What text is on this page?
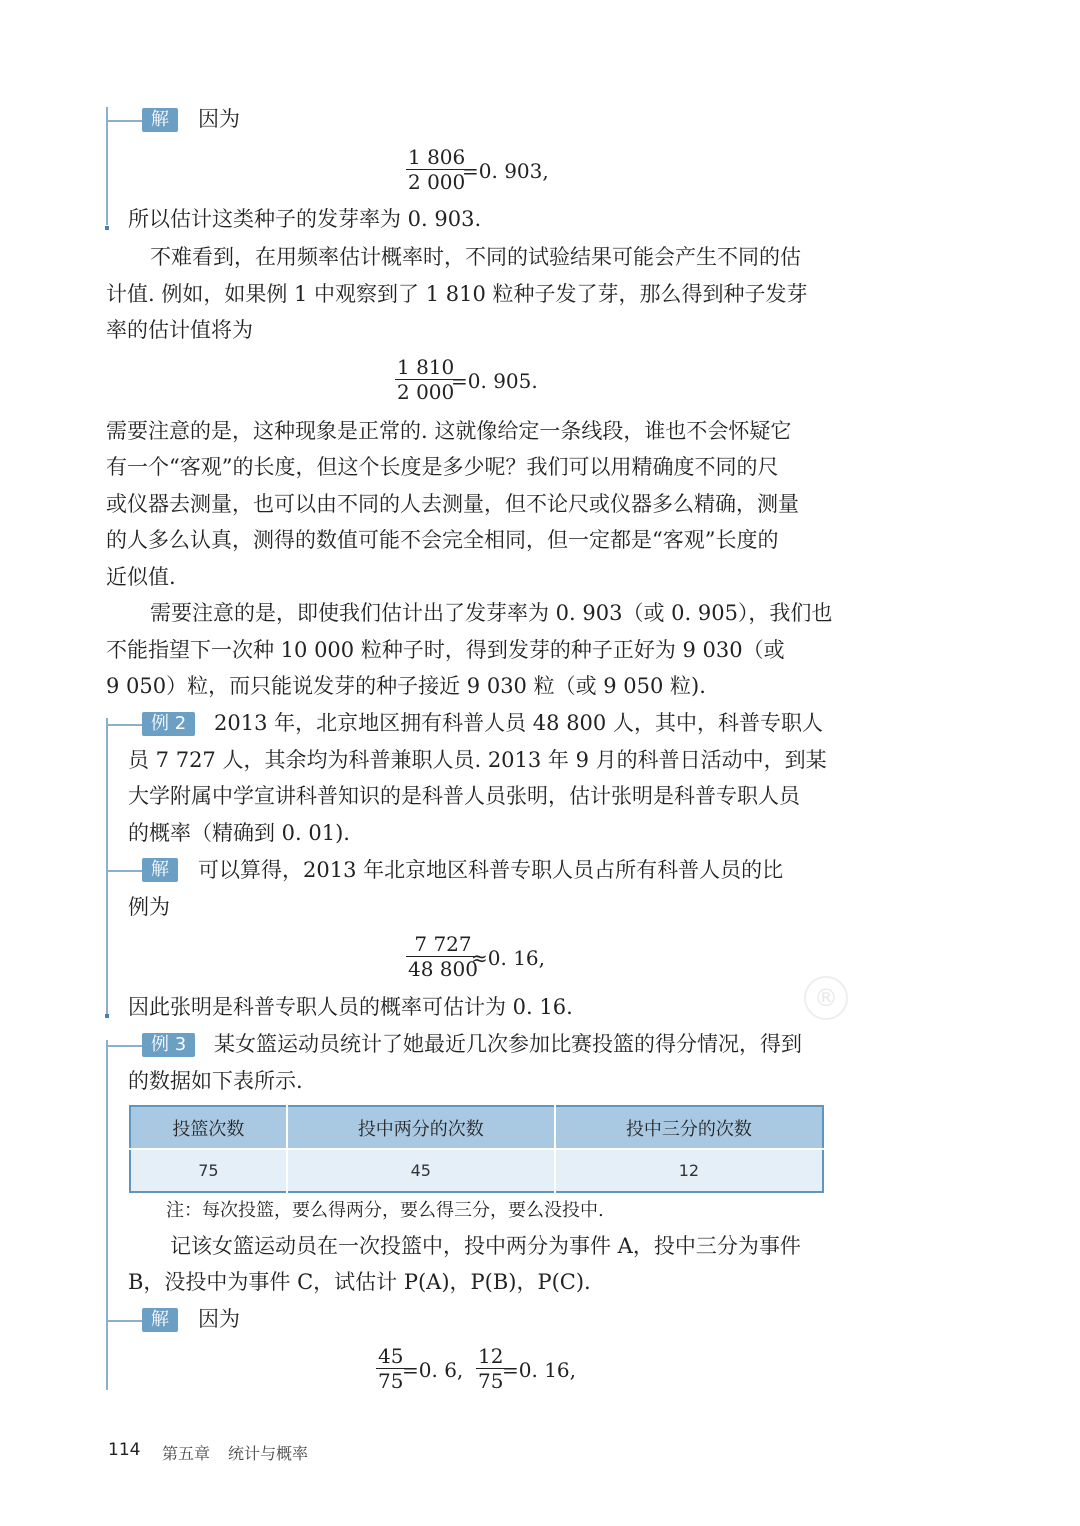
®
解	因为
$\frac{1 806}{2 000}$
=0. 903,
所以估计这类种子的发芽率为 0. 903.
不难看到，在用频率估计概率时，不同的试验结果可能会产生不同的估
计值. 例如，如果例 1 中观察到了 1 810 粒种子发了芽，那么得到种子发芽
率的估计值将为
$\frac{1 810}{2 000}$
=0. 905.
需要注意的是，这种现象是正常的. 这就像给定一条线段，谁也不会怀疑它
有一个“客观”的长度，但这个长度是多少呢？我们可以用精确度不同的尺
或仪器去测量，也可以由不同的人去测量，但不论尺或仪器多么精确，测量
的人多么认真，测得的数值可能不会完全相同，但一定都是“客观”长度的
近似值.
需要注意的是，即使我们估计出了发芽率为 0. 903（或 0. 905），我们也
不能指望下一次种 10 000 粒种子时，得到发芽的种子正好为 9 030（或
9 050）粒，而只能说发芽的种子接近 9 030 粒（或 9 050 粒).
例 2	2013 年，北京地区拥有科普人员 48 800 人，其中，科普专职人
员 7 727 人，其余均为科普兼职人员. 2013 年 9 月的科普日活动中，到某
大学附属中学宣讲科普知识的是科普人员张明，估计张明是科普专职人员
的概率（精确到 0. 01).
解	可以算得，2013 年北京地区科普专职人员占所有科普人员的比
例为
$\frac{7 727}{48 800}$
≈0. 16,
因此张明是科普专职人员的概率可估计为 0. 16.
例 3	某女篮运动员统计了她最近几次参加比赛投篮的得分情况，得到
的数据如下表所示.
投篮次数	投中两分的次数	投中三分的次数
75	45	12
注：每次投篮，要么得两分，要么得三分，要么没投中.
记该女篮运动员在一次投篮中，投中两分为事件 A，投中三分为事件
B，没投中为事件 C，试估计 P(A)，P(B)，P(C).
解	因为
$\frac{45}{75}$
=0. 6, $\frac{12}{75}$
=0. 16,
114 第五章 统计与概率
